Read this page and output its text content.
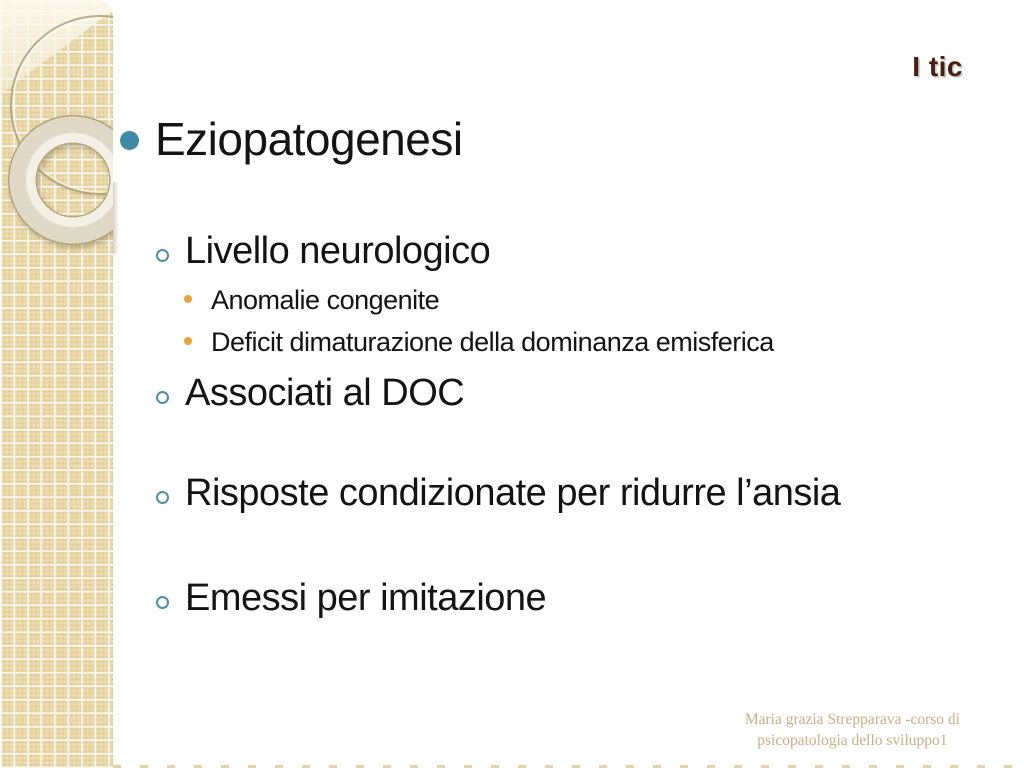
I tic
Eziopatogenesi
Livello neurologico
Anomalie congenite
Deficit dimaturazione della dominanza emisferica
Associati al DOC
Risposte condizionate per ridurre l’ansia
Emessi per imitazione
Maria grazia Strepparava -corso di
psicopatologia dello sviluppo1
